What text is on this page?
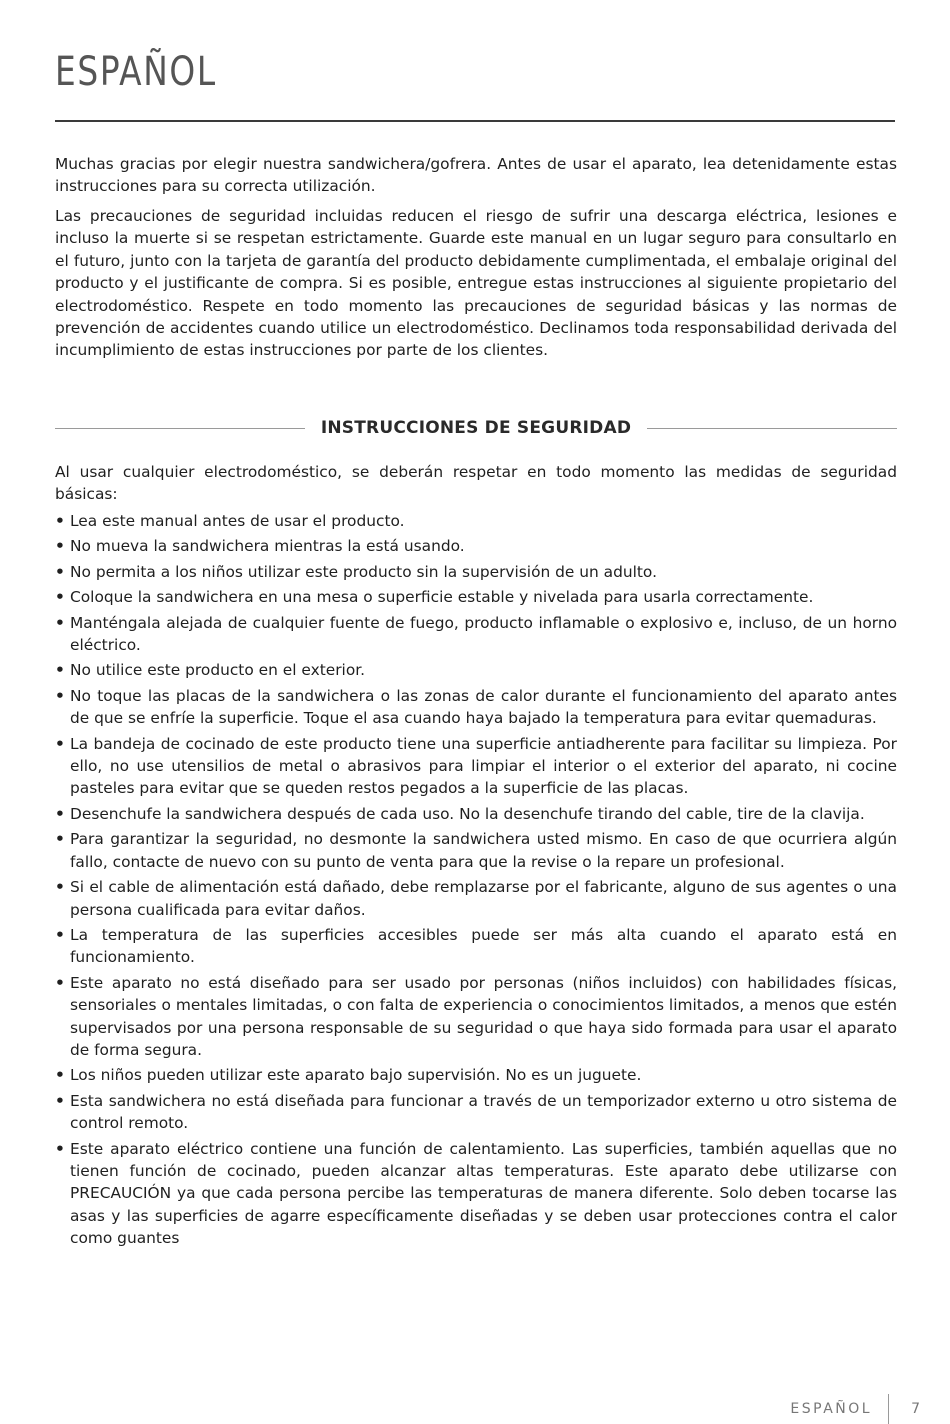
ESPAÑOL

Muchas gracias por elegir nuestra sandwichera/gofrera. Antes de usar el aparato, lea detenidamente estas instrucciones para su correcta utilización.

Las precauciones de seguridad incluidas reducen el riesgo de sufrir una descarga eléctrica, lesiones e incluso la muerte si se respetan estrictamente. Guarde este manual en un lugar seguro para consultarlo en el futuro, junto con la tarjeta de garantía del producto debidamente cumplimentada, el embalaje original del producto y el justificante de compra. Si es posible, entregue estas instrucciones al siguiente propietario del electrodoméstico. Respete en todo momento las precauciones de seguridad básicas y las normas de prevención de accidentes cuando utilice un electrodoméstico. Declinamos toda responsabilidad derivada del incumplimiento de estas instrucciones por parte de los clientes.

INSTRUCCIONES DE SEGURIDAD

Al usar cualquier electrodoméstico, se deberán respetar en todo momento las medidas de seguridad básicas:

• Lea este manual antes de usar el producto.
• No mueva la sandwichera mientras la está usando.
• No permita a los niños utilizar este producto sin la supervisión de un adulto.
• Coloque la sandwichera en una mesa o superficie estable y nivelada para usarla correctamente.
• Manténgala alejada de cualquier fuente de fuego, producto inflamable o explosivo e, incluso, de un horno eléctrico.
• No utilice este producto en el exterior.
• No toque las placas de la sandwichera o las zonas de calor durante el funcionamiento del aparato antes de que se enfríe la superficie. Toque el asa cuando haya bajado la temperatura para evitar quemaduras.
• La bandeja de cocinado de este producto tiene una superficie antiadherente para facilitar su limpieza. Por ello, no use utensilios de metal o abrasivos para limpiar el interior o el exterior del aparato, ni cocine pasteles para evitar que se queden restos pegados a la superficie de las placas.
• Desenchufe la sandwichera después de cada uso. No la desenchufe tirando del cable, tire de la clavija.
• Para garantizar la seguridad, no desmonte la sandwichera usted mismo. En caso de que ocurriera algún fallo, contacte de nuevo con su punto de venta para que la revise o la repare un profesional.
• Si el cable de alimentación está dañado, debe remplazarse por el fabricante, alguno de sus agentes o una persona cualificada para evitar daños.
• La temperatura de las superficies accesibles puede ser más alta cuando el aparato está en funcionamiento.
• Este aparato no está diseñado para ser usado por personas (niños incluidos) con habilidades físicas, sensoriales o mentales limitadas, o con falta de experiencia o conocimientos limitados, a menos que estén supervisados por una persona responsable de su seguridad o que haya sido formada para usar el aparato de forma segura.
• Los niños pueden utilizar este aparato bajo supervisión. No es un juguete.
• Esta sandwichera no está diseñada para funcionar a través de un temporizador externo u otro sistema de control remoto.
• Este aparato eléctrico contiene una función de calentamiento. Las superficies, también aquellas que no tienen función de cocinado, pueden alcanzar altas temperaturas. Este aparato debe utilizarse con PRECAUCIÓN ya que cada persona percibe las temperaturas de manera diferente. Solo deben tocarse las asas y las superficies de agarre específicamente diseñadas y se deben usar protecciones contra el calor como guantes
ESPAÑOL	7
